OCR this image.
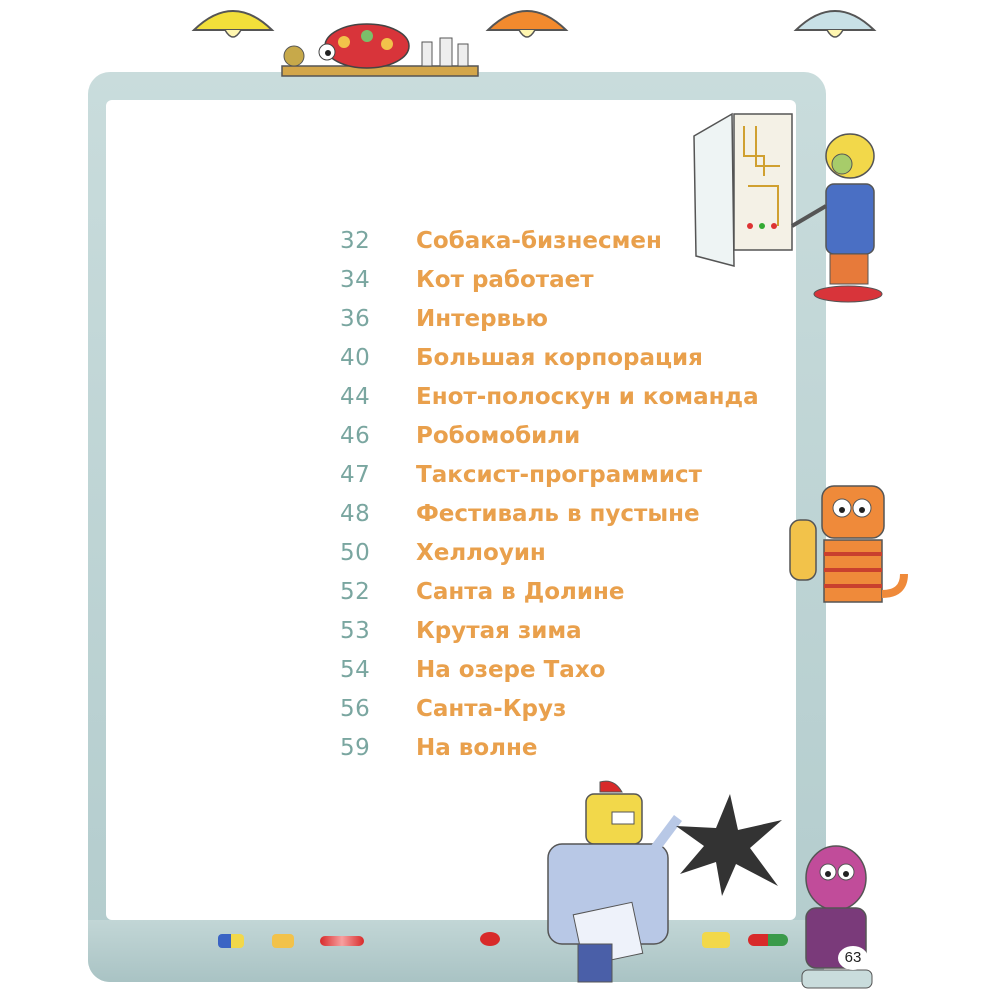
32	Собака-бизнесмен
34	Кот работает
36	Интервью
40	Большая корпорация
44	Енот-полоскун и команда
46	Робомобили
47	Таксист-программист
48	Фестиваль в пустыне
50	Хеллоуин
52	Санта в Долине
53	Крутая зима
54	На озере Тахо
56	Санта-Круз
59	На волне
63
